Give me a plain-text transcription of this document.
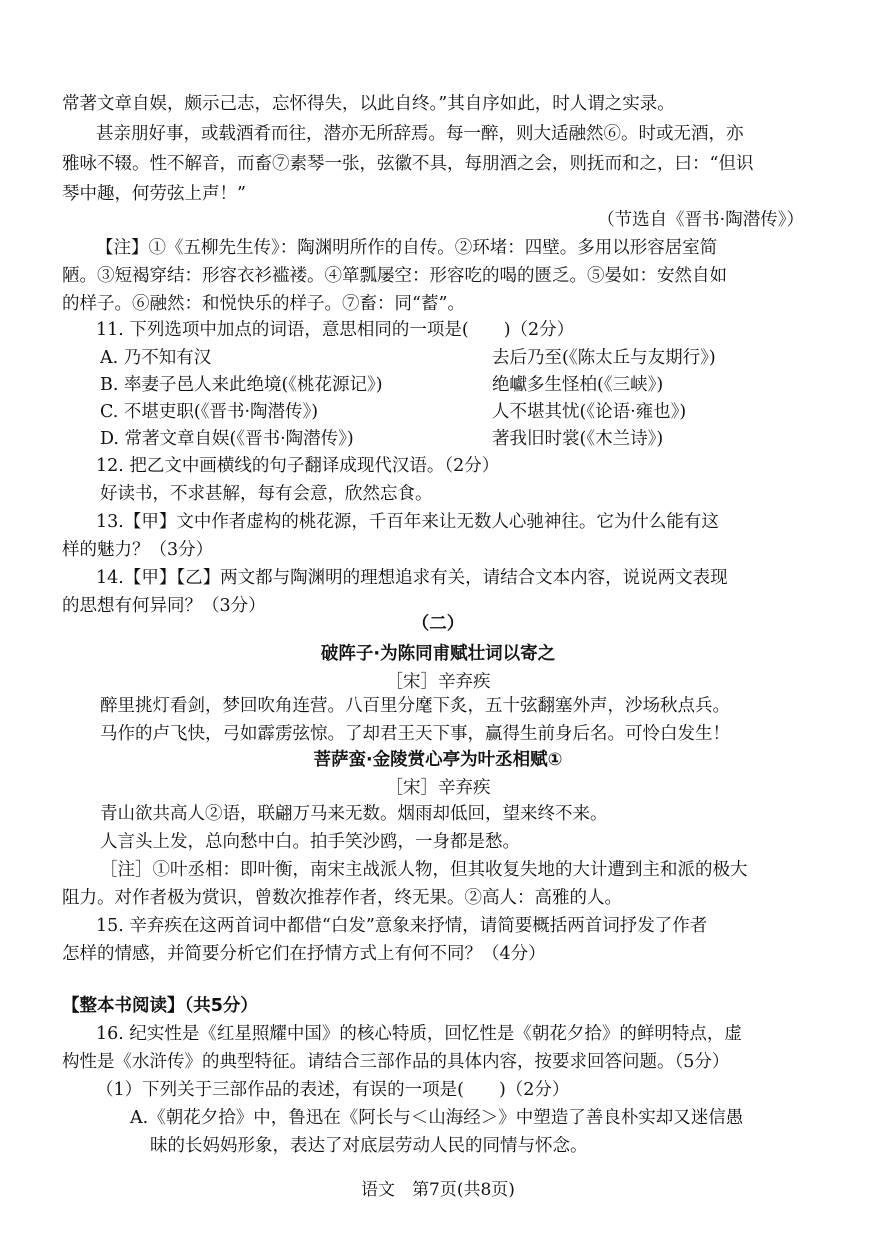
常著文章自娱，颇示己志，忘怀得失，以此自终。”其自序如此，时人谓之实录。
甚亲朋好事，或载酒肴而往，潜亦无所辞焉。每一醉，则大适融然⑥。时或无酒，亦
雅咏不辍。性不解音，而畜⑦素琴一张，弦徽不具，每朋酒之会，则抚而和之，曰：“但识
琴中趣，何劳弦上声！”
（节选自《晋书·陶潜传》）
【注】①《五柳先生传》：陶渊明所作的自传。②环堵：四壁。多用以形容居室简
陋。③短褐穿结：形容衣衫褴褛。④箪瓢屡空：形容吃的喝的匮乏。⑤晏如：安然自如
的样子。⑥融然：和悦快乐的样子。⑦畜：同“蓄”。
11. 下列选项中加点的词语，意思相同的一项是(　　)（2分）
A. 乃不知有汉	去后乃至(《陈太丘与友期行》)
B. 率妻子邑人来此绝境(《桃花源记》)	绝巘多生怪柏(《三峡》)
C. 不堪吏职(《晋书·陶潜传》)	人不堪其忧(《论语·雍也》)
D. 常著文章自娱(《晋书·陶潜传》)	著我旧时裳(《木兰诗》)
12. 把乙文中画横线的句子翻译成现代汉语。（2分）
好读书，不求甚解，每有会意，欣然忘食。
13.【甲】文中作者虚构的桃花源，千百年来让无数人心驰神往。它为什么能有这
样的魅力？（3分）
14.【甲】【乙】两文都与陶渊明的理想追求有关，请结合文本内容，说说两文表现
的思想有何异同？（3分）
（二）
破阵子·为陈同甫赋壮词以寄之
［宋］辛弃疾
醉里挑灯看剑，梦回吹角连营。八百里分麾下炙，五十弦翻塞外声，沙场秋点兵。
马作的卢飞快，弓如霹雳弦惊。了却君王天下事，赢得生前身后名。可怜白发生！
菩萨蛮·金陵赏心亭为叶丞相赋①
［宋］辛弃疾
青山欲共高人②语，联翩万马来无数。烟雨却低回，望来终不来。
人言头上发，总向愁中白。拍手笑沙鸥，一身都是愁。
［注］①叶丞相：即叶衡，南宋主战派人物，但其收复失地的大计遭到主和派的极大
阻力。对作者极为赏识，曾数次推荐作者，终无果。②高人：高雅的人。
15. 辛弃疾在这两首词中都借“白发”意象来抒情，请简要概括两首词抒发了作者
怎样的情感，并简要分析它们在抒情方式上有何不同？（4分）
【整本书阅读】（共5分）
16. 纪实性是《红星照耀中国》的核心特质，回忆性是《朝花夕拾》的鲜明特点，虚
构性是《水浒传》的典型特征。请结合三部作品的具体内容，按要求回答问题。（5分）
（1）下列关于三部作品的表述，有误的一项是(　　)（2分）
A.《朝花夕拾》中，鲁迅在《阿长与＜山海经＞》中塑造了善良朴实却又迷信愚
昧的长妈妈形象，表达了对底层劳动人民的同情与怀念。
语文　第7页(共8页)
